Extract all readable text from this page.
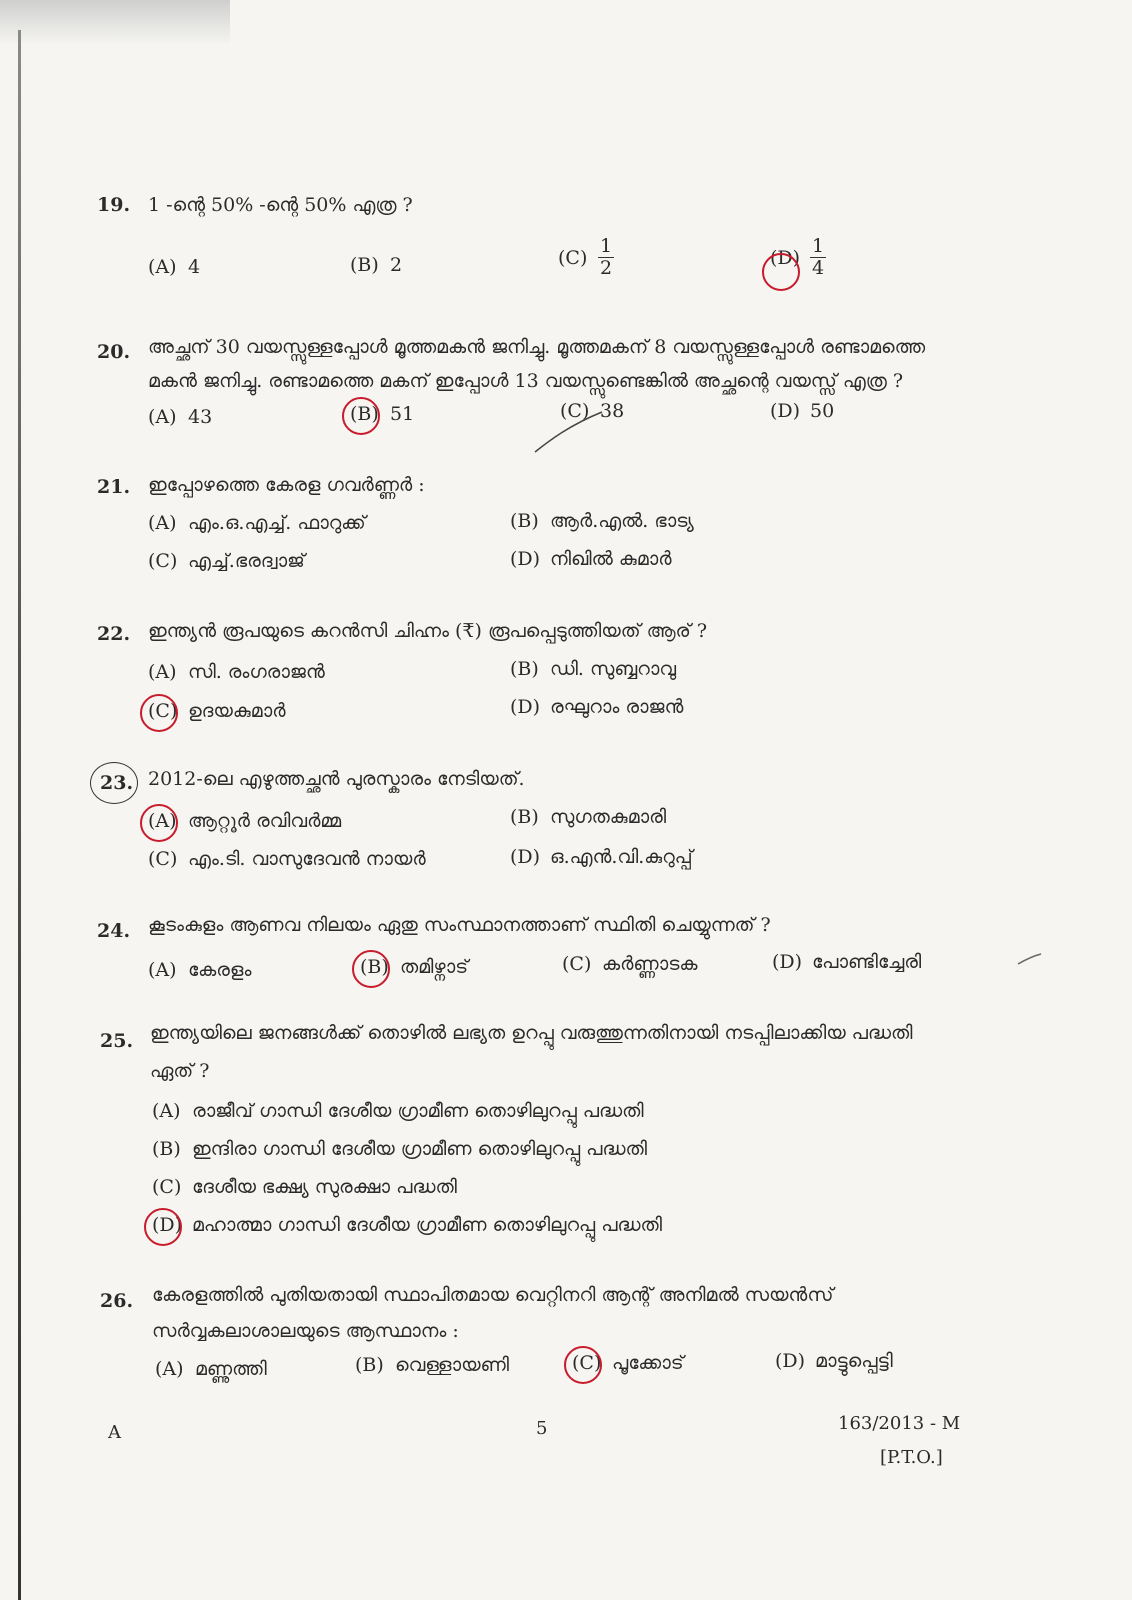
19. 1 -ന്റെ 50% -ന്റെ 50% എത്ര ?
(A) 4	(B) 2	$(C) \frac{1}{2}$	$(D) \frac{1}{4}$
20. അച്ഛന് 30 വയസ്സുള്ളപ്പോൾ മൂത്തമകൻ ജനിച്ചു. മൂത്തമകന് 8 വയസ്സുള്ളപ്പോൾ രണ്ടാമത്തെ
മകൻ ജനിച്ചു. രണ്ടാമത്തെ മകന് ഇപ്പോൾ 13 വയസ്സുണ്ടെങ്കിൽ അച്ഛന്റെ വയസ്സ് എത്ര ?
(A) 43	(B) 51	(C) 38	(D) 50
21. ഇപ്പോഴത്തെ കേരള ഗവർണ്ണർ :
(A) എം.ഒ.എച്ച്. ഫാറുക്ക്	(B) ആർ.എൽ. ഭാട്യ
(C) എച്ച്.ഭരദ്വാജ്	(D) നിഖിൽ കുമാർ
22. ഇന്ത്യൻ രൂപയുടെ കറൻസി ചിഹ്നം (₹) രൂപപ്പെടുത്തിയത് ആര് ?
(A) സി. രംഗരാജൻ	(B) ഡി. സുബ്ബറാവു
(C) ഉദയകുമാർ	(D) രഘുറാം രാജൻ
23. 2012-ലെ എഴുത്തച്ഛൻ പുരസ്കാരം നേടിയത്.
(A) ആറ്റൂർ രവിവർമ്മ	(B) സുഗതകുമാരി
(C) എം.ടി. വാസുദേവൻ നായർ	(D) ഒ.എൻ.വി.കുറുപ്പ്
24. കൂടംകുളം ആണവ നിലയം ഏതു സംസ്ഥാനത്താണ് സ്ഥിതി ചെയ്യുന്നത് ?
(A) കേരളം	(B) തമിഴ്നാട്	(C) കർണ്ണാടക	(D) പോണ്ടിച്ചേരി
25. ഇന്ത്യയിലെ ജനങ്ങൾക്ക് തൊഴിൽ ലഭ്യത ഉറപ്പു വരുത്തുന്നതിനായി നടപ്പിലാക്കിയ പദ്ധതി
ഏത് ?
(A) രാജീവ് ഗാന്ധി ദേശീയ ഗ്രാമീണ തൊഴിലുറപ്പു പദ്ധതി
(B) ഇന്ദിരാ ഗാന്ധി ദേശീയ ഗ്രാമീണ തൊഴിലുറപ്പു പദ്ധതി
(C) ദേശീയ ഭക്ഷ്യ സുരക്ഷാ പദ്ധതി
(D) മഹാത്മാ ഗാന്ധി ദേശീയ ഗ്രാമീണ തൊഴിലുറപ്പു പദ്ധതി
26. കേരളത്തിൽ പുതിയതായി സ്ഥാപിതമായ വെറ്റിനറി ആന്റ് അനിമൽ സയൻസ്
സർവ്വകലാശാലയുടെ ആസ്ഥാനം :
(A) മണ്ണുത്തി	(B) വെള്ളായണി	(C) പൂക്കോട്	(D) മാട്ടുപ്പെട്ടി
A	5	163/2013 - M
[P.T.O.]
